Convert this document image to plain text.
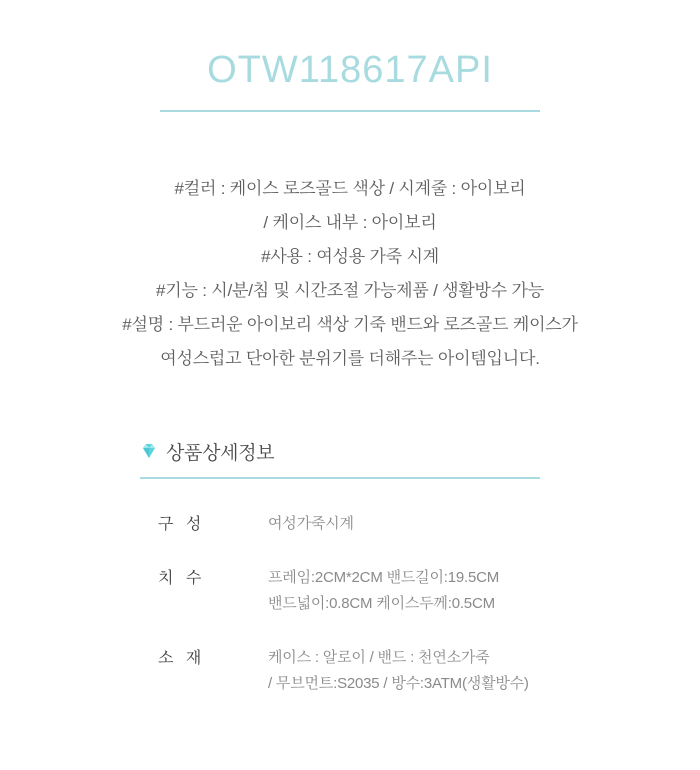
OTW118617API
#컬러 : 케이스 로즈골드 색상 / 시계줄 : 아이보리
/ 케이스 내부 : 아이보리
#사용 : 여성용 가죽 시계
#기능 : 시/분/침 및 시간조절 가능제품 / 생활방수 가능
#설명 : 부드러운 아이보리 색상 기죽 밴드와 로즈골드 케이스가
여성스럽고 단아한 분위기를 더해주는 아이템입니다.
상품상세정보
구 성	여성가죽시계

치 수	프레임:2CM*2CM 밴드길이:19.5CM
밴드넓이:0.8CM 케이스두께:0.5CM

소 재	케이스 : 알로이 / 밴드 : 천연소가죽
/ 무브먼트:S2035 / 방수:3ATM(생활방수)
